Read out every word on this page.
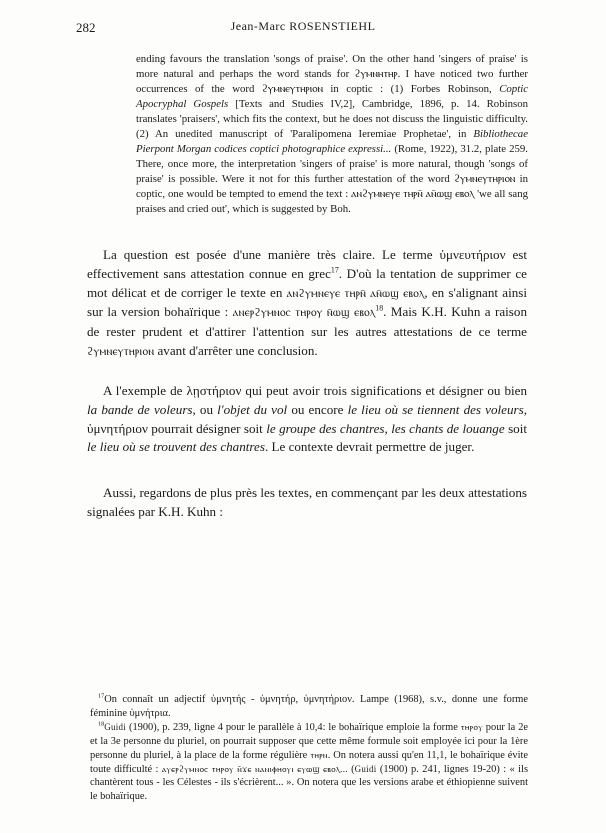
282	Jean-Marc ROSENSTIEHL

ending favours the translation 'songs of praise'. On the other hand 'singers of praise' is more natural and perhaps the word stands for ϩⲩⲙⲛⲏⲧⲏⲣ. I have noticed two further occurrences of the word ϩⲩⲙⲛⲉⲩⲧⲏⲣⲓⲟⲛ in coptic : (1) Forbes Robinson, Coptic Apocryphal Gospels [Texts and Studies IV,2], Cambridge, 1896, p. 14. Robinson translates 'praisers', which fits the context, but he does not discuss the linguistic difficulty. (2) An unedited manuscript of 'Paralipomena Ieremiae Prophetae', in Bibliothecae Pierpont Morgan codices coptici photographice expressi... (Rome, 1922), 31.2, plate 259. There, once more, the interpretation 'singers of praise' is more natural, though 'songs of praise' is possible. Were it not for this further attestation of the word ϩⲩⲙⲛⲉⲩⲧⲏⲣⲓⲟⲛ in coptic, one would be tempted to emend the text : ⲁⲛϩⲩⲙⲛⲉⲩⲉ ⲧⲏⲣⲛ̄ ⲁⲛ̄ⲱϣ ⲉⲃⲟⲗ 'we all sang praises and cried out', which is suggested by Boh.

La question est posée d'une manière très claire. Le terme ὑμνευτήριον est effectivement sans attestation connue en grec$^{17}$. D'où la tentation de supprimer ce mot délicat et de corriger le texte en ⲁⲛϩⲩⲙⲛⲉⲩⲉ ⲧⲏⲣⲛ̄ ⲁⲛ̄ⲱϣ ⲉⲃⲟⲗ, en s'alignant ainsi sur la version bohaïrique : ⲁⲛⲉⲣϩⲩⲙⲛⲟⲥ ⲧⲏⲣⲟⲩ ⲛ̄ⲱϣ ⲉⲃⲟⲗ$^{18}$. Mais K.H. Kuhn a raison de rester prudent et d'attirer l'attention sur les autres attestations de ce terme ϩⲩⲙⲛⲉⲩⲧⲏⲣⲓⲟⲛ avant d'arrêter une conclusion.

A l'exemple de λῃστήριον qui peut avoir trois significations et désigner ou bien la bande de voleurs, ou l'objet du vol ou encore le lieu où se tiennent des voleurs, ὑμνητήριον pourrait désigner soit le groupe des chantres, les chants de louange soit le lieu où se trouvent des chantres. Le contexte devrait permettre de juger.

Aussi, regardons de plus près les textes, en commençant par les deux attestations signalées par K.H. Kuhn :

$^{17}$On connaît un adjectif ὑμνητής - ὑμνητήρ, ὑμνητήριον. Lampe (1968), s.v., donne une forme féminine ὑμνήτρια.

$^{18}$Guidi (1900), p. 239, ligne 4 pour le parallèle à 10,4: le bohaïrique emploie la forme ⲧⲏⲣⲟⲩ pour la 2e et la 3e personne du pluriel, on pourrait supposer que cette même formule soit employée ici pour la 1ère personne du pluriel, à la place de la forme régulière ⲧⲏⲣⲛ. On notera aussi qu'en 11,1, le bohaïrique évite toute difficulté : ⲁⲩⲉⲣϩⲩⲙⲛⲟⲥ ⲧⲏⲣⲟⲩ ⲛ̄ϫⲉ ⲛⲁⲛⲓⲫⲏⲟⲩⲓ ⲉⲩⲱϣ ⲉⲃⲟⲗ... (Guidi (1900) p. 241, lignes 19-20) : « ils chantèrent tous - les Célestes - ils s'écrièrent... ». On notera que les versions arabe et éthiopienne suivent le bohaïrique.
